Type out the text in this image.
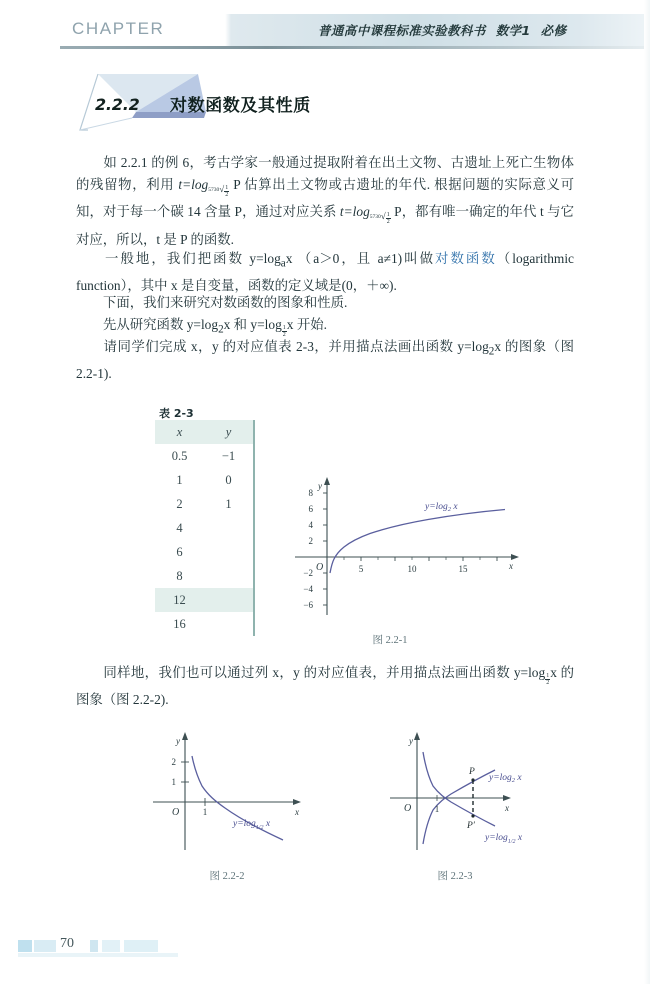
CHAPTER	普通高中课程标准实验教科书 数学1 必修
2.2.2 对数函数及其性质
如 2.2.1 的例 6，考古学家一般通过提取附着在出土文物、古遗址上死亡生物体的残留物，利用 $t=\log_{5730√ \frac{1}{2}}$ P 估算出土文物或古遗址的年代. 根据问题的实际意义可知，对于每一个碳 14 含量 P，通过对应关系 $t=\log_{5730√ \frac{1}{2}}$ P，都有唯一确定的年代 t 与它对应，所以，t 是 P 的函数.
一般地，我们把函数 $y=\log_ax$ （a＞0，且 a≠1)叫做对数函数（logarithmic function），其中 x 是自变量，函数的定义域是(0，＋∞).
下面，我们来研究对数函数的图象和性质.
先从研究函数 $y=\log_2x$ 和 y=log $_{\frac{1}{2}}$ x 开始.
请同学们完成 x，y 的对应值表 2-3，并用描点法画出函数 $y=\log_2x$ 的图象（图 2.2-1).
表 2-3
x	y
0.5	−1
1	0
2	1
4
6
8
12
16
y
x
O
8
6
4
2
−2
−4
−6
5	10	15
$y=\log_2$ x
图 2.2-1
同样地，我们也可以通过列 x，y 的对应值表，并用描点法画出函数 y=log $_{\frac{1}{2}}$ x 的图象（图 2.2-2).
y
x
O
1
2
1
$y=\log_{1/2}$ x
图 2.2-2
y
x
O	1
P
P′
$y=\log_2$ x
$y=\log_{1/2}$ x
图 2.2-3
70
